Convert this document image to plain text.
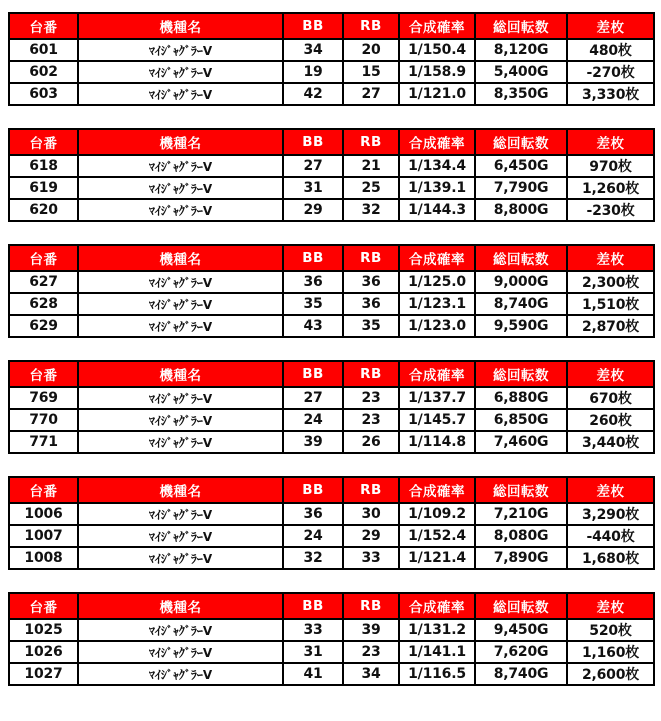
台番	機種名	BB	RB	合成確率	総回転数	差枚
601	ﾏｲｼﾞｬｸﾞﾗｰV	34	20	1/150.4	8,120G	480枚
602	ﾏｲｼﾞｬｸﾞﾗｰV	19	15	1/158.9	5,400G	-270枚
603	ﾏｲｼﾞｬｸﾞﾗｰV	42	27	1/121.0	8,350G	3,330枚
台番	機種名	BB	RB	合成確率	総回転数	差枚
618	ﾏｲｼﾞｬｸﾞﾗｰV	27	21	1/134.4	6,450G	970枚
619	ﾏｲｼﾞｬｸﾞﾗｰV	31	25	1/139.1	7,790G	1,260枚
620	ﾏｲｼﾞｬｸﾞﾗｰV	29	32	1/144.3	8,800G	-230枚
台番	機種名	BB	RB	合成確率	総回転数	差枚
627	ﾏｲｼﾞｬｸﾞﾗｰV	36	36	1/125.0	9,000G	2,300枚
628	ﾏｲｼﾞｬｸﾞﾗｰV	35	36	1/123.1	8,740G	1,510枚
629	ﾏｲｼﾞｬｸﾞﾗｰV	43	35	1/123.0	9,590G	2,870枚
台番	機種名	BB	RB	合成確率	総回転数	差枚
769	ﾏｲｼﾞｬｸﾞﾗｰV	27	23	1/137.7	6,880G	670枚
770	ﾏｲｼﾞｬｸﾞﾗｰV	24	23	1/145.7	6,850G	260枚
771	ﾏｲｼﾞｬｸﾞﾗｰV	39	26	1/114.8	7,460G	3,440枚
台番	機種名	BB	RB	合成確率	総回転数	差枚
1006	ﾏｲｼﾞｬｸﾞﾗｰV	36	30	1/109.2	7,210G	3,290枚
1007	ﾏｲｼﾞｬｸﾞﾗｰV	24	29	1/152.4	8,080G	-440枚
1008	ﾏｲｼﾞｬｸﾞﾗｰV	32	33	1/121.4	7,890G	1,680枚
台番	機種名	BB	RB	合成確率	総回転数	差枚
1025	ﾏｲｼﾞｬｸﾞﾗｰV	33	39	1/131.2	9,450G	520枚
1026	ﾏｲｼﾞｬｸﾞﾗｰV	31	23	1/141.1	7,620G	1,160枚
1027	ﾏｲｼﾞｬｸﾞﾗｰV	41	34	1/116.5	8,740G	2,600枚
